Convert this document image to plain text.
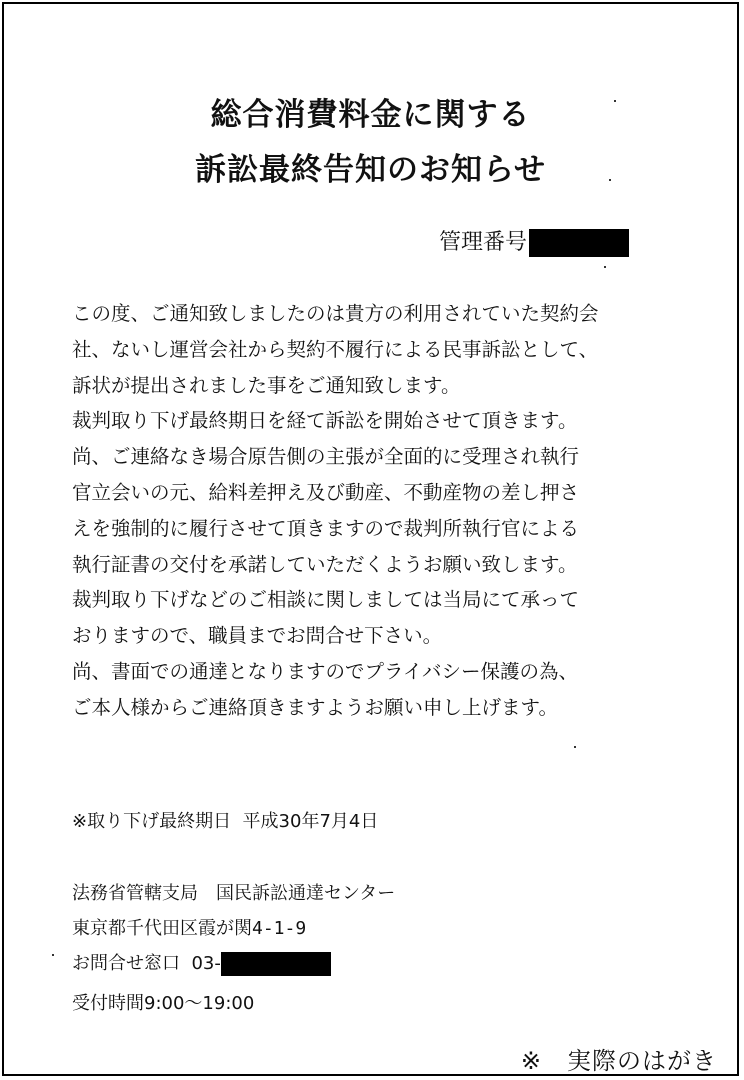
総合消費料金に関する
訴訟最終告知のお知らせ
管理番号
この度、ご通知致しましたのは貴方の利用されていた契約会
社、ないし運営会社から契約不履行による民事訴訟として、
訴状が提出されました事をご通知致します。
裁判取り下げ最終期日を経て訴訟を開始させて頂きます。
尚、ご連絡なき場合原告側の主張が全面的に受理され執行
官立会いの元、給料差押え及び動産、不動産物の差し押さ
えを強制的に履行させて頂きますので裁判所執行官による
執行証書の交付を承諾していただくようお願い致します。
裁判取り下げなどのご相談に関しましては当局にて承って
おりますので、職員までお問合せ下さい。
尚、書面での通達となりますのでプライバシー保護の為、
ご本人様からご連絡頂きますようお願い申し上げます。
※取り下げ最終期日 平成30年7月4日
法務省管轄支局　国民訴訟通達センター
東京都千代田区霞が関4-1-9
お問合せ窓口 03-
受付時間9:00～19:00
※　実際のはがき
